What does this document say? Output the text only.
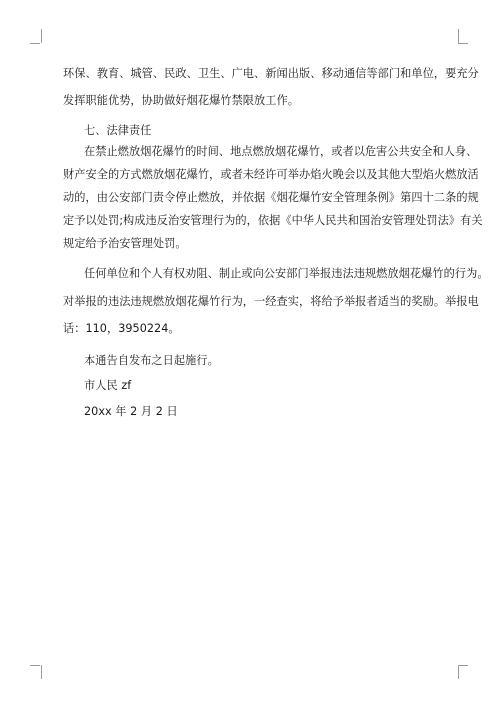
环保、教育、城管、民政、卫生、广电、新闻出版、移动通信等部门和单位，要充分
发挥职能优势，协助做好烟花爆竹禁限放工作。
七、法律责任
在禁止燃放烟花爆竹的时间、地点燃放烟花爆竹，或者以危害公共安全和人身、
财产安全的方式燃放烟花爆竹，或者未经许可举办焰火晚会以及其他大型焰火燃放活
动的，由公安部门责令停止燃放，并依据《烟花爆竹安全管理条例》第四十二条的规
定予以处罚;构成违反治安管理行为的，依据《中华人民共和国治安管理处罚法》有关
规定给予治安管理处罚。
任何单位和个人有权劝阻、制止或向公安部门举报违法违规燃放烟花爆竹的行为。
对举报的违法违规燃放烟花爆竹行为，一经查实，将给予举报者适当的奖励。举报电
话：110，3950224。
本通告自发布之日起施行。
市人民 zf
20xx 年 2 月 2 日
